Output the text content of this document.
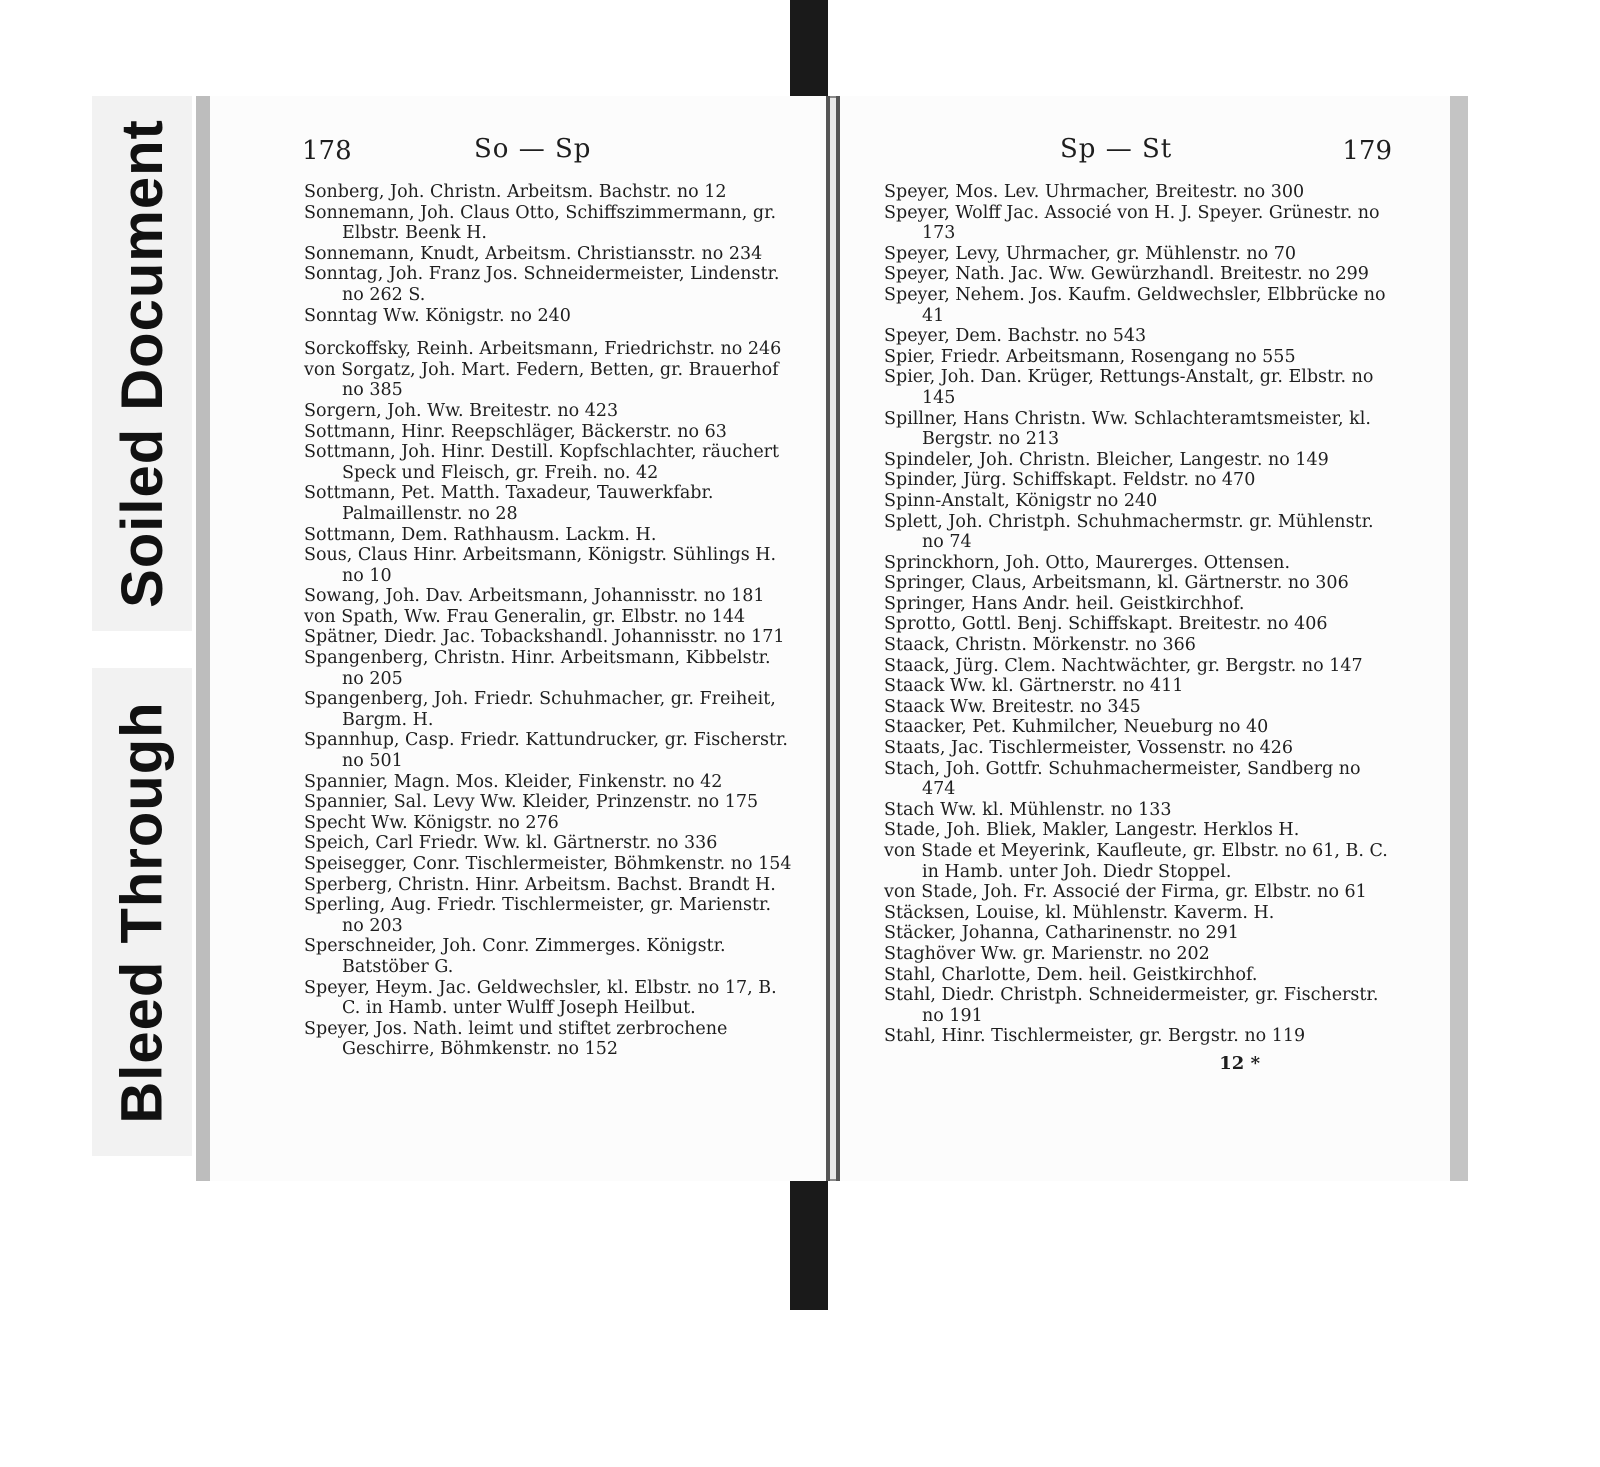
Soiled Document
Bleed Through
178	So — Sp

Sonberg, Joh. Christn. Arbeitsm. Bachstr. no 12

Sonnemann, Joh. Claus Otto, Schiffszimmermann, gr. Elbstr. Beenk H.

Sonnemann, Knudt, Arbeitsm. Christiansstr. no 234

Sonntag, Joh. Franz Jos. Schneidermeister, Lindenstr. no 262 S.

Sonntag Ww. Königstr. no 240

Sorckoffsky, Reinh. Arbeitsmann, Friedrichstr. no 246

von Sorgatz, Joh. Mart. Federn, Betten, gr. Brauerhof no 385

Sorgern, Joh. Ww. Breitestr. no 423

Sottmann, Hinr. Reepschläger, Bäckerstr. no 63

Sottmann, Joh. Hinr. Destill. Kopfschlachter, räuchert Speck und Fleisch, gr. Freih. no. 42

Sottmann, Pet. Matth. Taxadeur, Tauwerkfabr. Palmaillenstr. no 28

Sottmann, Dem. Rathhausm. Lackm. H.

Sous, Claus Hinr. Arbeitsmann, Königstr. Sühlings H. no 10

Sowang, Joh. Dav. Arbeitsmann, Johannisstr. no 181

von Spath, Ww. Frau Generalin, gr. Elbstr. no 144

Spätner, Diedr. Jac. Tobackshandl. Johannisstr. no 171

Spangenberg, Christn. Hinr. Arbeitsmann, Kibbelstr. no 205

Spangenberg, Joh. Friedr. Schuhmacher, gr. Freiheit, Bargm. H.

Spannhup, Casp. Friedr. Kattundrucker, gr. Fischerstr. no 501

Spannier, Magn. Mos. Kleider, Finkenstr. no 42

Spannier, Sal. Levy Ww. Kleider, Prinzenstr. no 175

Specht Ww. Königstr. no 276

Speich, Carl Friedr. Ww. kl. Gärtnerstr. no 336

Speisegger, Conr. Tischlermeister, Böhmkenstr. no 154

Sperberg, Christn. Hinr. Arbeitsm. Bachst. Brandt H.

Sperling, Aug. Friedr. Tischlermeister, gr. Marienstr. no 203

Sperschneider, Joh. Conr. Zimmerges. Königstr. Batstöber G.

Speyer, Heym. Jac. Geldwechsler, kl. Elbstr. no 17, B. C. in Hamb. unter Wulff Joseph Heilbut.

Speyer, Jos. Nath. leimt und stiftet zerbrochene Geschirre, Böhmkenstr. no 152

Sp — St	179

Speyer, Mos. Lev. Uhrmacher, Breitestr. no 300

Speyer, Wolff Jac. Associé von H. J. Speyer. Grünestr. no 173

Speyer, Levy, Uhrmacher, gr. Mühlenstr. no 70

Speyer, Nath. Jac. Ww. Gewürzhandl. Breitestr. no 299

Speyer, Nehem. Jos. Kaufm. Geldwechsler, Elbbrücke no 41

Speyer, Dem. Bachstr. no 543

Spier, Friedr. Arbeitsmann, Rosengang no 555

Spier, Joh. Dan. Krüger, Rettungs-Anstalt, gr. Elbstr. no 145

Spillner, Hans Christn. Ww. Schlachteramtsmeister, kl. Bergstr. no 213

Spindeler, Joh. Christn. Bleicher, Langestr. no 149

Spinder, Jürg. Schiffskapt. Feldstr. no 470

Spinn-Anstalt, Königstr no 240

Splett, Joh. Christph. Schuhmachermstr. gr. Mühlenstr. no 74

Sprinckhorn, Joh. Otto, Maurerges. Ottensen.

Springer, Claus, Arbeitsmann, kl. Gärtnerstr. no 306

Springer, Hans Andr. heil. Geistkirchhof.

Sprotto, Gottl. Benj. Schiffskapt. Breitestr. no 406

Staack, Christn. Mörkenstr. no 366

Staack, Jürg. Clem. Nachtwächter, gr. Bergstr. no 147

Staack Ww. kl. Gärtnerstr. no 411

Staack Ww. Breitestr. no 345

Staacker, Pet. Kuhmilcher, Neueburg no 40

Staats, Jac. Tischlermeister, Vossenstr. no 426

Stach, Joh. Gottfr. Schuhmachermeister, Sandberg no 474

Stach Ww. kl. Mühlenstr. no 133

Stade, Joh. Bliek, Makler, Langestr. Herklos H.

von Stade et Meyerink, Kaufleute, gr. Elbstr. no 61, B. C. in Hamb. unter Joh. Diedr Stoppel.

von Stade, Joh. Fr. Associé der Firma, gr. Elbstr. no 61

Stäcksen, Louise, kl. Mühlenstr. Kaverm. H.

Stäcker, Johanna, Catharinenstr. no 291

Staghöver Ww. gr. Marienstr. no 202

Stahl, Charlotte, Dem. heil. Geistkirchhof.

Stahl, Diedr. Christph. Schneidermeister, gr. Fischerstr. no 191

Stahl, Hinr. Tischlermeister, gr. Bergstr. no 119

12 *
